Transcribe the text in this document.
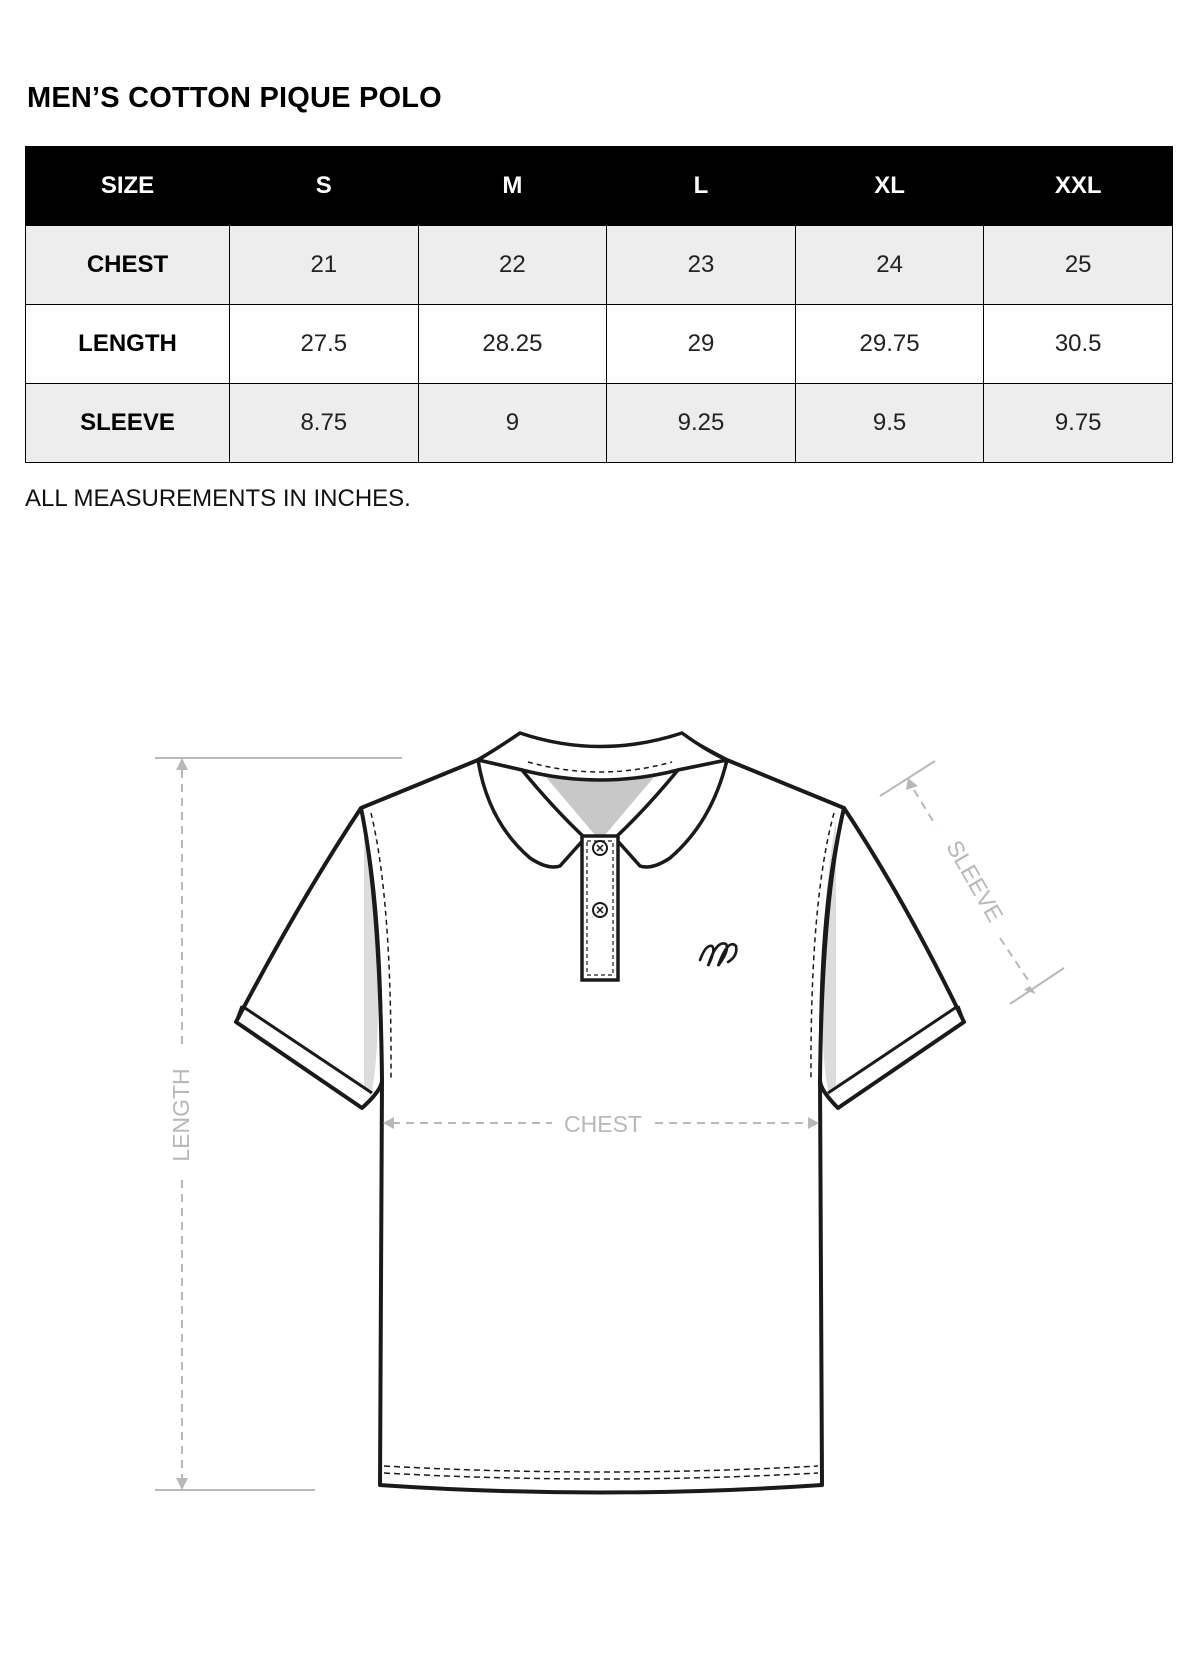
MEN’S COTTON PIQUE POLO
SIZE	S	M	L	XL	XXL
CHEST	21	22	23	24	25
LENGTH	27.5	28.25	29	29.75	30.5
SLEEVE	8.75	9	9.25	9.5	9.75

ALL MEASUREMENTS IN INCHES.

LENGTH	CHEST
SLEEVE
